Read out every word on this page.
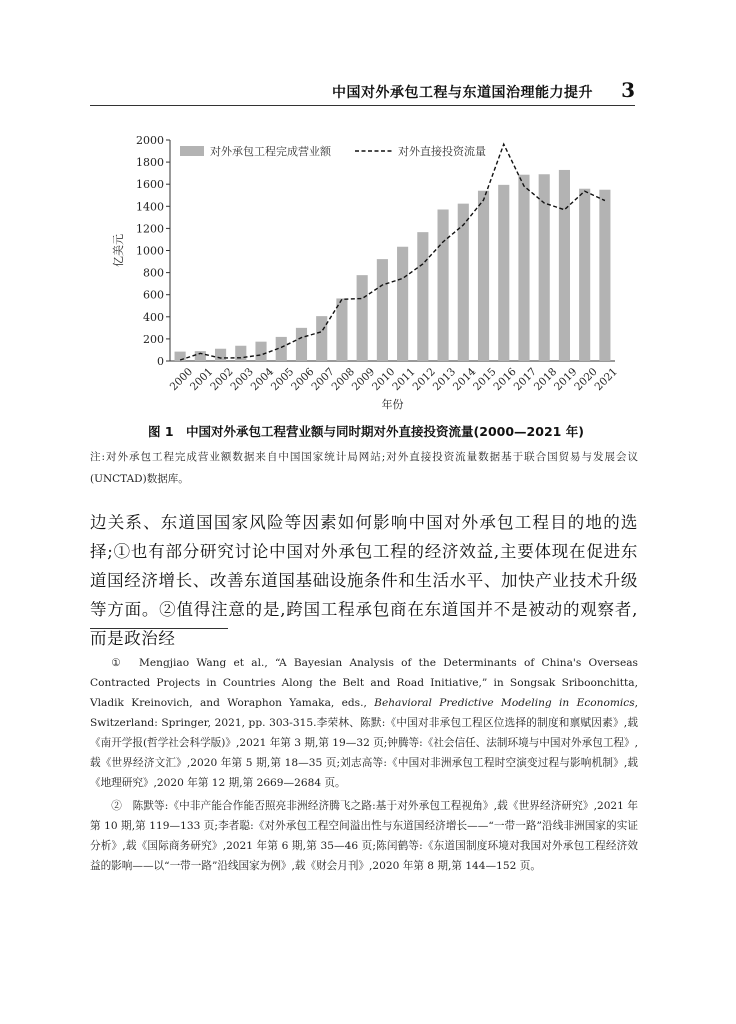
中国对外承包工程与东道国治理能力提升 3
0
200
400
600
800
1000
1200
1400
1600
1800
2000
亿美元
2000
2001
2002
2003
2004
2005
2006
2007
2008
2009
2010
2011
2012
2013
2014
2015
2016
2017
2018
2019
2020
2021
年份
对外承包工程完成营业额	对外直接投资流量
图 1　中国对外承包工程营业额与同时期对外直接投资流量(2000—2021 年)
注:对外承包工程完成营业额数据来自中国国家统计局网站;对外直接投资流量数据基于联合国贸易与发展会议(UNCTAD)数据库。

边关系、东道国国家风险等因素如何影响中国对外承包工程目的地的选择;①也有部分研究讨论中国对外承包工程的经济效益,主要体现在促进东道国经济增长、改善东道国基础设施条件和生活水平、加快产业技术升级等方面。②值得注意的是,跨国工程承包商在东道国并不是被动的观察者,而是政治经

①　Mengjiao Wang et al., “A Bayesian Analysis of the Determinants of China's Overseas Contracted Projects in Countries Along the Belt and Road Initiative,” in Songsak Sriboonchitta, Vladik Kreinovich, and Woraphon Yamaka, eds., Behavioral Predictive Modeling in Economics, Switzerland: Springer, 2021, pp. 303-315.李荣林、陈默:《中国对非承包工程区位选择的制度和禀赋因素》,载《南开学报(哲学社会科学版)》,2021 年第 3 期,第 19—32 页;钟腾等:《社会信任、法制环境与中国对外承包工程》,载《世界经济文汇》,2020 年第 5 期,第 18—35 页;刘志高等:《中国对非洲承包工程时空演变过程与影响机制》,载《地理研究》,2020 年第 12 期,第 2669—2684 页。

②　陈默等:《中非产能合作能否照亮非洲经济腾飞之路:基于对外承包工程视角》,载《世界经济研究》,2021 年第 10 期,第 119—133 页;李者聪:《对外承包工程空间溢出性与东道国经济增长——“一带一路”沿线非洲国家的实证分析》,载《国际商务研究》,2021 年第 6 期,第 35—46 页;陈闰鹤等:《东道国制度环境对我国对外承包工程经济效益的影响——以“一带一路”沿线国家为例》,载《财会月刊》,2020 年第 8 期,第 144—152 页。
